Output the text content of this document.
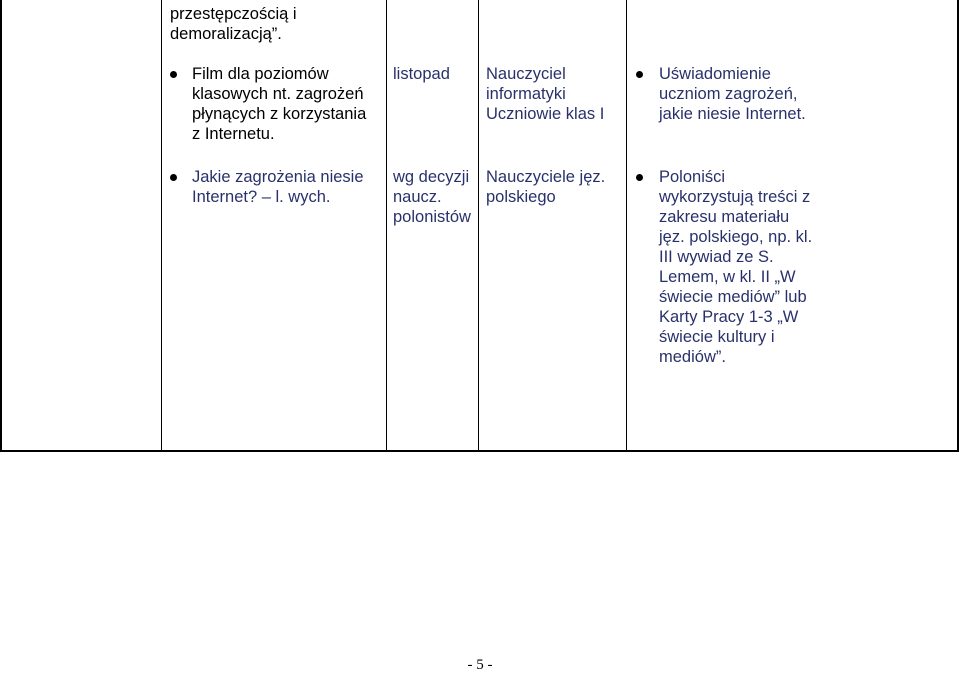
przestępczością i
demoralizacją”.
Film dla poziomów
klasowych nt. zagrożeń
płynących z korzystania
z Internetu.
listopad	Nauczyciel
informatyki
Uczniowie klas I
Uświadomienie
uczniom zagrożeń,
jakie niesie Internet.
Jakie zagrożenia niesie
Internet? – l. wych.
wg decyzji
naucz.
polonistów
Nauczyciele jęz.
polskiego
Poloniści
wykorzystują treści z
zakresu materiału
jęz. polskiego, np. kl.
III wywiad ze S.
Lemem, w kl. II „W
świecie mediów” lub
Karty Pracy 1-3 „W
świecie kultury i
mediów”.
- 5 -
